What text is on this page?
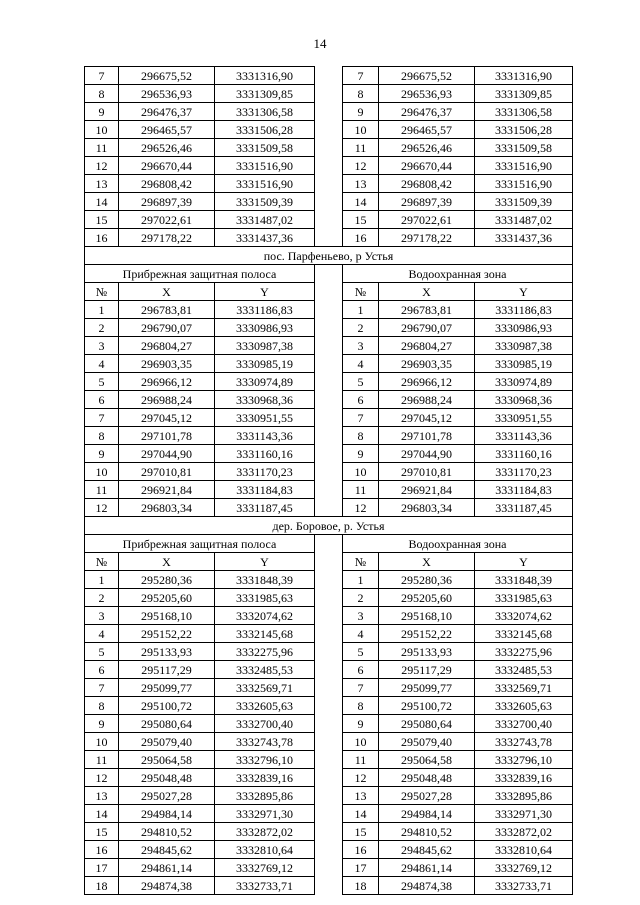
14
7	296675,52	3331316,90		7	296675,52	3331316,90
8	296536,93	3331309,85		8	296536,93	3331309,85
9	296476,37	3331306,58		9	296476,37	3331306,58
10	296465,57	3331506,28		10	296465,57	3331506,28
11	296526,46	3331509,58		11	296526,46	3331509,58
12	296670,44	3331516,90		12	296670,44	3331516,90
13	296808,42	3331516,90		13	296808,42	3331516,90
14	296897,39	3331509,39		14	296897,39	3331509,39
15	297022,61	3331487,02		15	297022,61	3331487,02
16	297178,22	3331437,36		16	297178,22	3331437,36
пос. Парфеньево, р Устья						
Прибрежная защитная полоса				Водоохранная зона		
№	X	Y		№	X	Y
1	296783,81	3331186,83		1	296783,81	3331186,83
2	296790,07	3330986,93		2	296790,07	3330986,93
3	296804,27	3330987,38		3	296804,27	3330987,38
4	296903,35	3330985,19		4	296903,35	3330985,19
5	296966,12	3330974,89		5	296966,12	3330974,89
6	296988,24	3330968,36		6	296988,24	3330968,36
7	297045,12	3330951,55		7	297045,12	3330951,55
8	297101,78	3331143,36		8	297101,78	3331143,36
9	297044,90	3331160,16		9	297044,90	3331160,16
10	297010,81	3331170,23		10	297010,81	3331170,23
11	296921,84	3331184,83		11	296921,84	3331184,83
12	296803,34	3331187,45		12	296803,34	3331187,45
дер. Боровое, р. Устья						
Прибрежная защитная полоса				Водоохранная зона		
№	X	Y		№	X	Y
1	295280,36	3331848,39		1	295280,36	3331848,39
2	295205,60	3331985,63		2	295205,60	3331985,63
3	295168,10	3332074,62		3	295168,10	3332074,62
4	295152,22	3332145,68		4	295152,22	3332145,68
5	295133,93	3332275,96		5	295133,93	3332275,96
6	295117,29	3332485,53		6	295117,29	3332485,53
7	295099,77	3332569,71		7	295099,77	3332569,71
8	295100,72	3332605,63		8	295100,72	3332605,63
9	295080,64	3332700,40		9	295080,64	3332700,40
10	295079,40	3332743,78		10	295079,40	3332743,78
11	295064,58	3332796,10		11	295064,58	3332796,10
12	295048,48	3332839,16		12	295048,48	3332839,16
13	295027,28	3332895,86		13	295027,28	3332895,86
14	294984,14	3332971,30		14	294984,14	3332971,30
15	294810,52	3332872,02		15	294810,52	3332872,02
16	294845,62	3332810,64		16	294845,62	3332810,64
17	294861,14	3332769,12		17	294861,14	3332769,12
18	294874,38	3332733,71		18	294874,38	3332733,71
